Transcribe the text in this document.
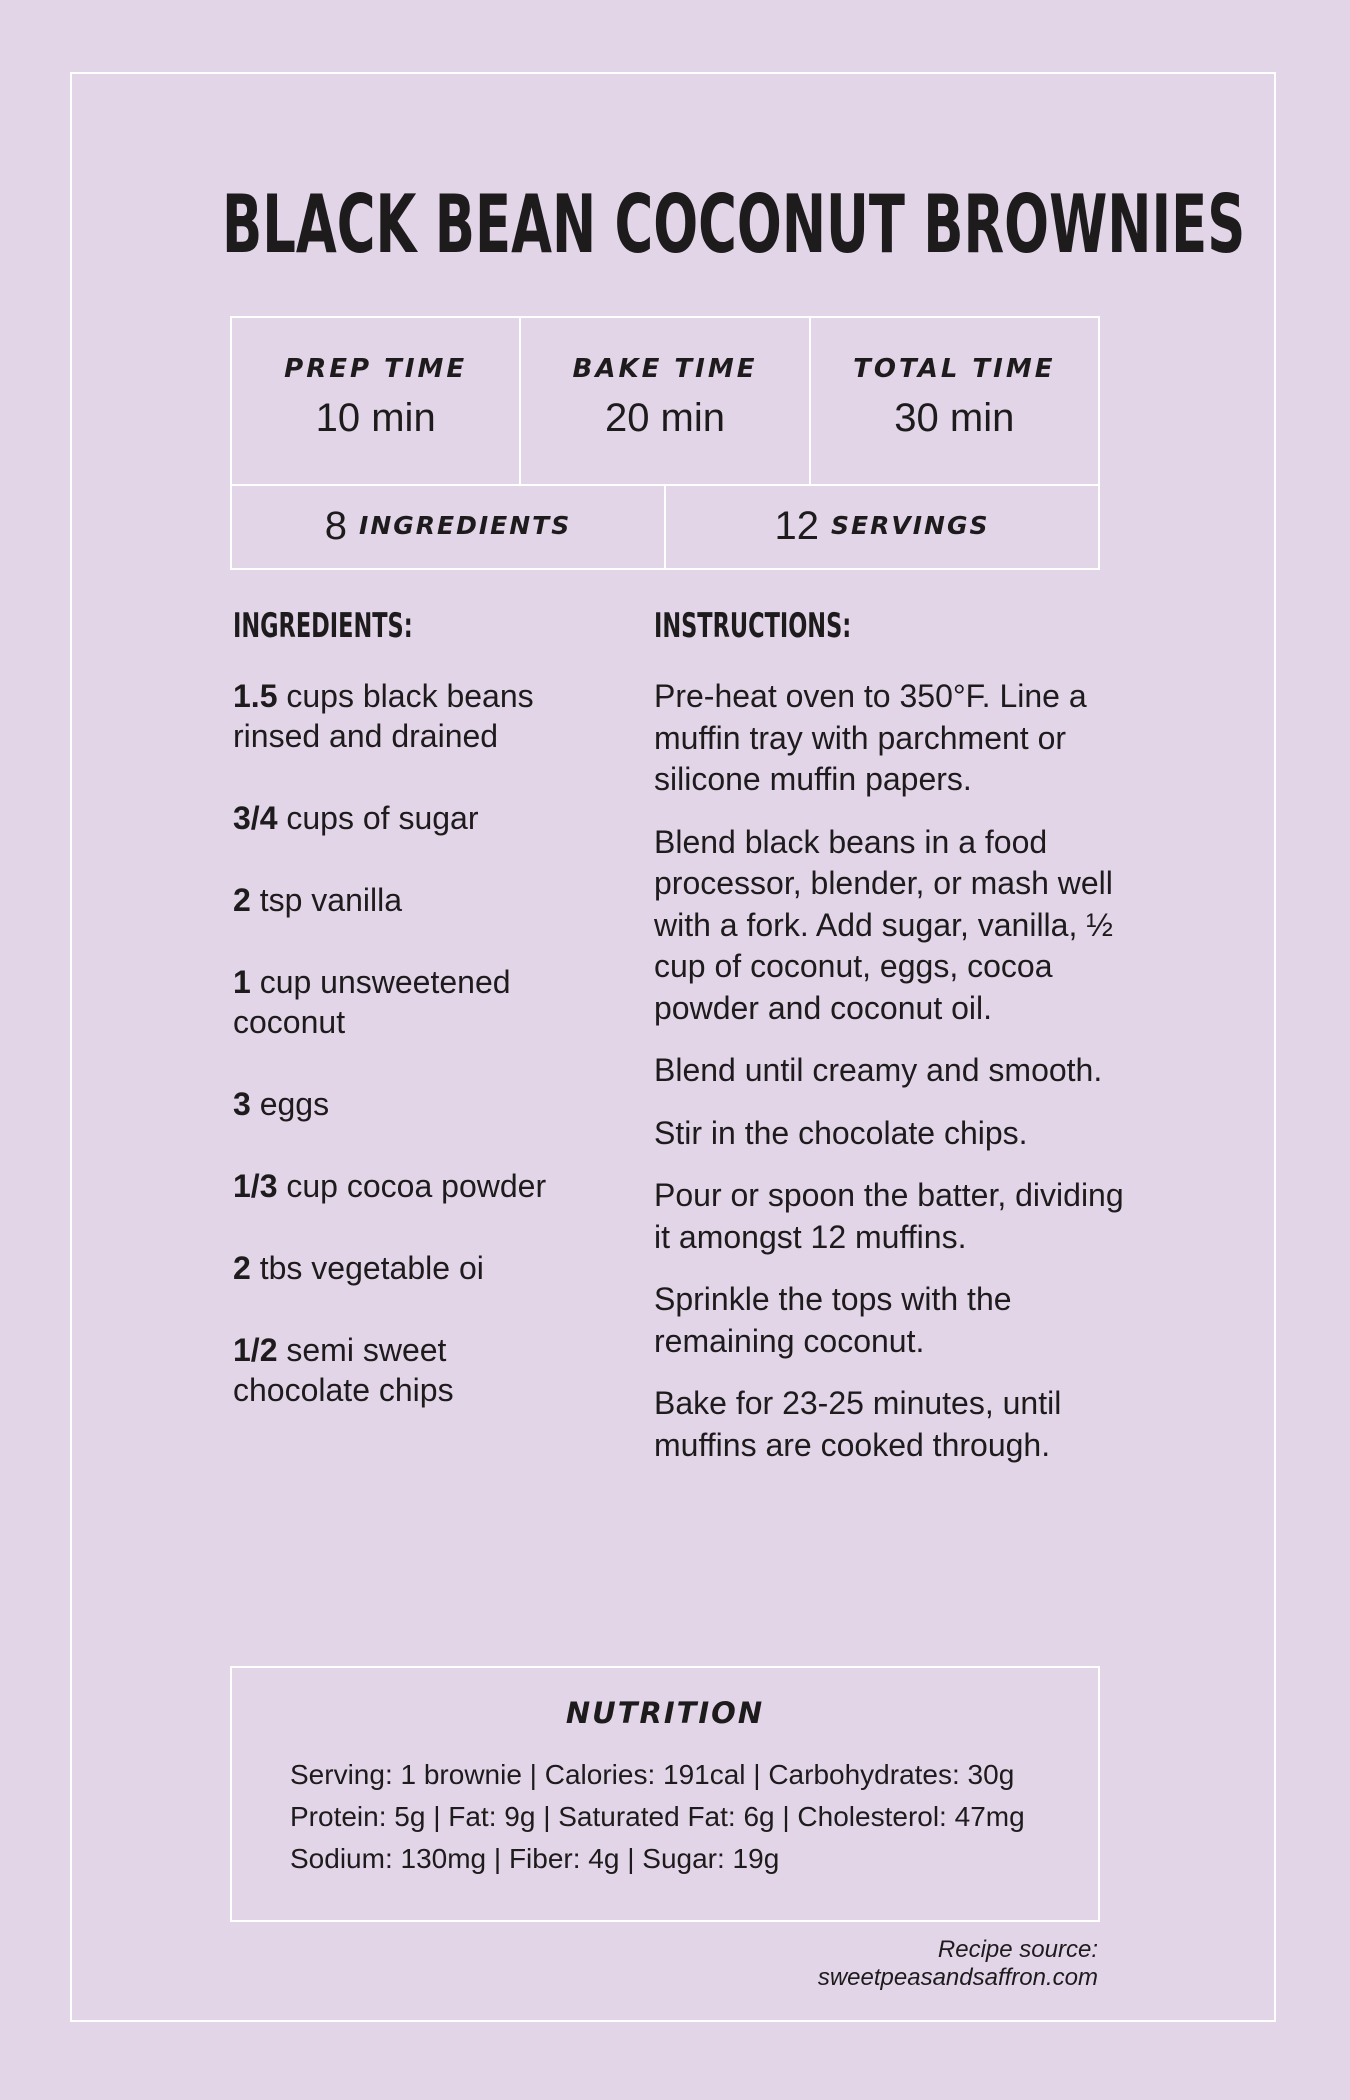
BLACK BEAN COCONUT BROWNIES
PREP TIME
10 min
BAKE TIME
20 min
TOTAL TIME
30 min
8 INGREDIENTS	12 SERVINGS
INGREDIENTS:	INSTRUCTIONS:
1.5 cups black beans rinsed and drained
3/4 cups of sugar
2 tsp vanilla
1 cup unsweetened coconut
3 eggs
1/3 cup cocoa powder
2 tbs vegetable oi
1/2 semi sweet chocolate chips
Pre-heat oven to 350°F. Line a muffin tray with parchment or silicone muffin papers.
Blend black beans in a food processor, blender, or mash well with a fork. Add sugar, vanilla, ½ cup of coconut, eggs, cocoa powder and coconut oil.
Blend until creamy and smooth.
Stir in the chocolate chips.
Pour or spoon the batter, dividing it amongst 12 muffins.
Sprinkle the tops with the remaining coconut.
Bake for 23-25 minutes, until muffins are cooked through.
NUTRITION
Serving: 1 brownie | Calories: 191cal | Carbohydrates: 30g Protein: 5g | Fat: 9g | Saturated Fat: 6g | Cholesterol: 47mg Sodium: 130mg | Fiber: 4g | Sugar: 19g
Recipe source: sweetpeasandsaffron.com
